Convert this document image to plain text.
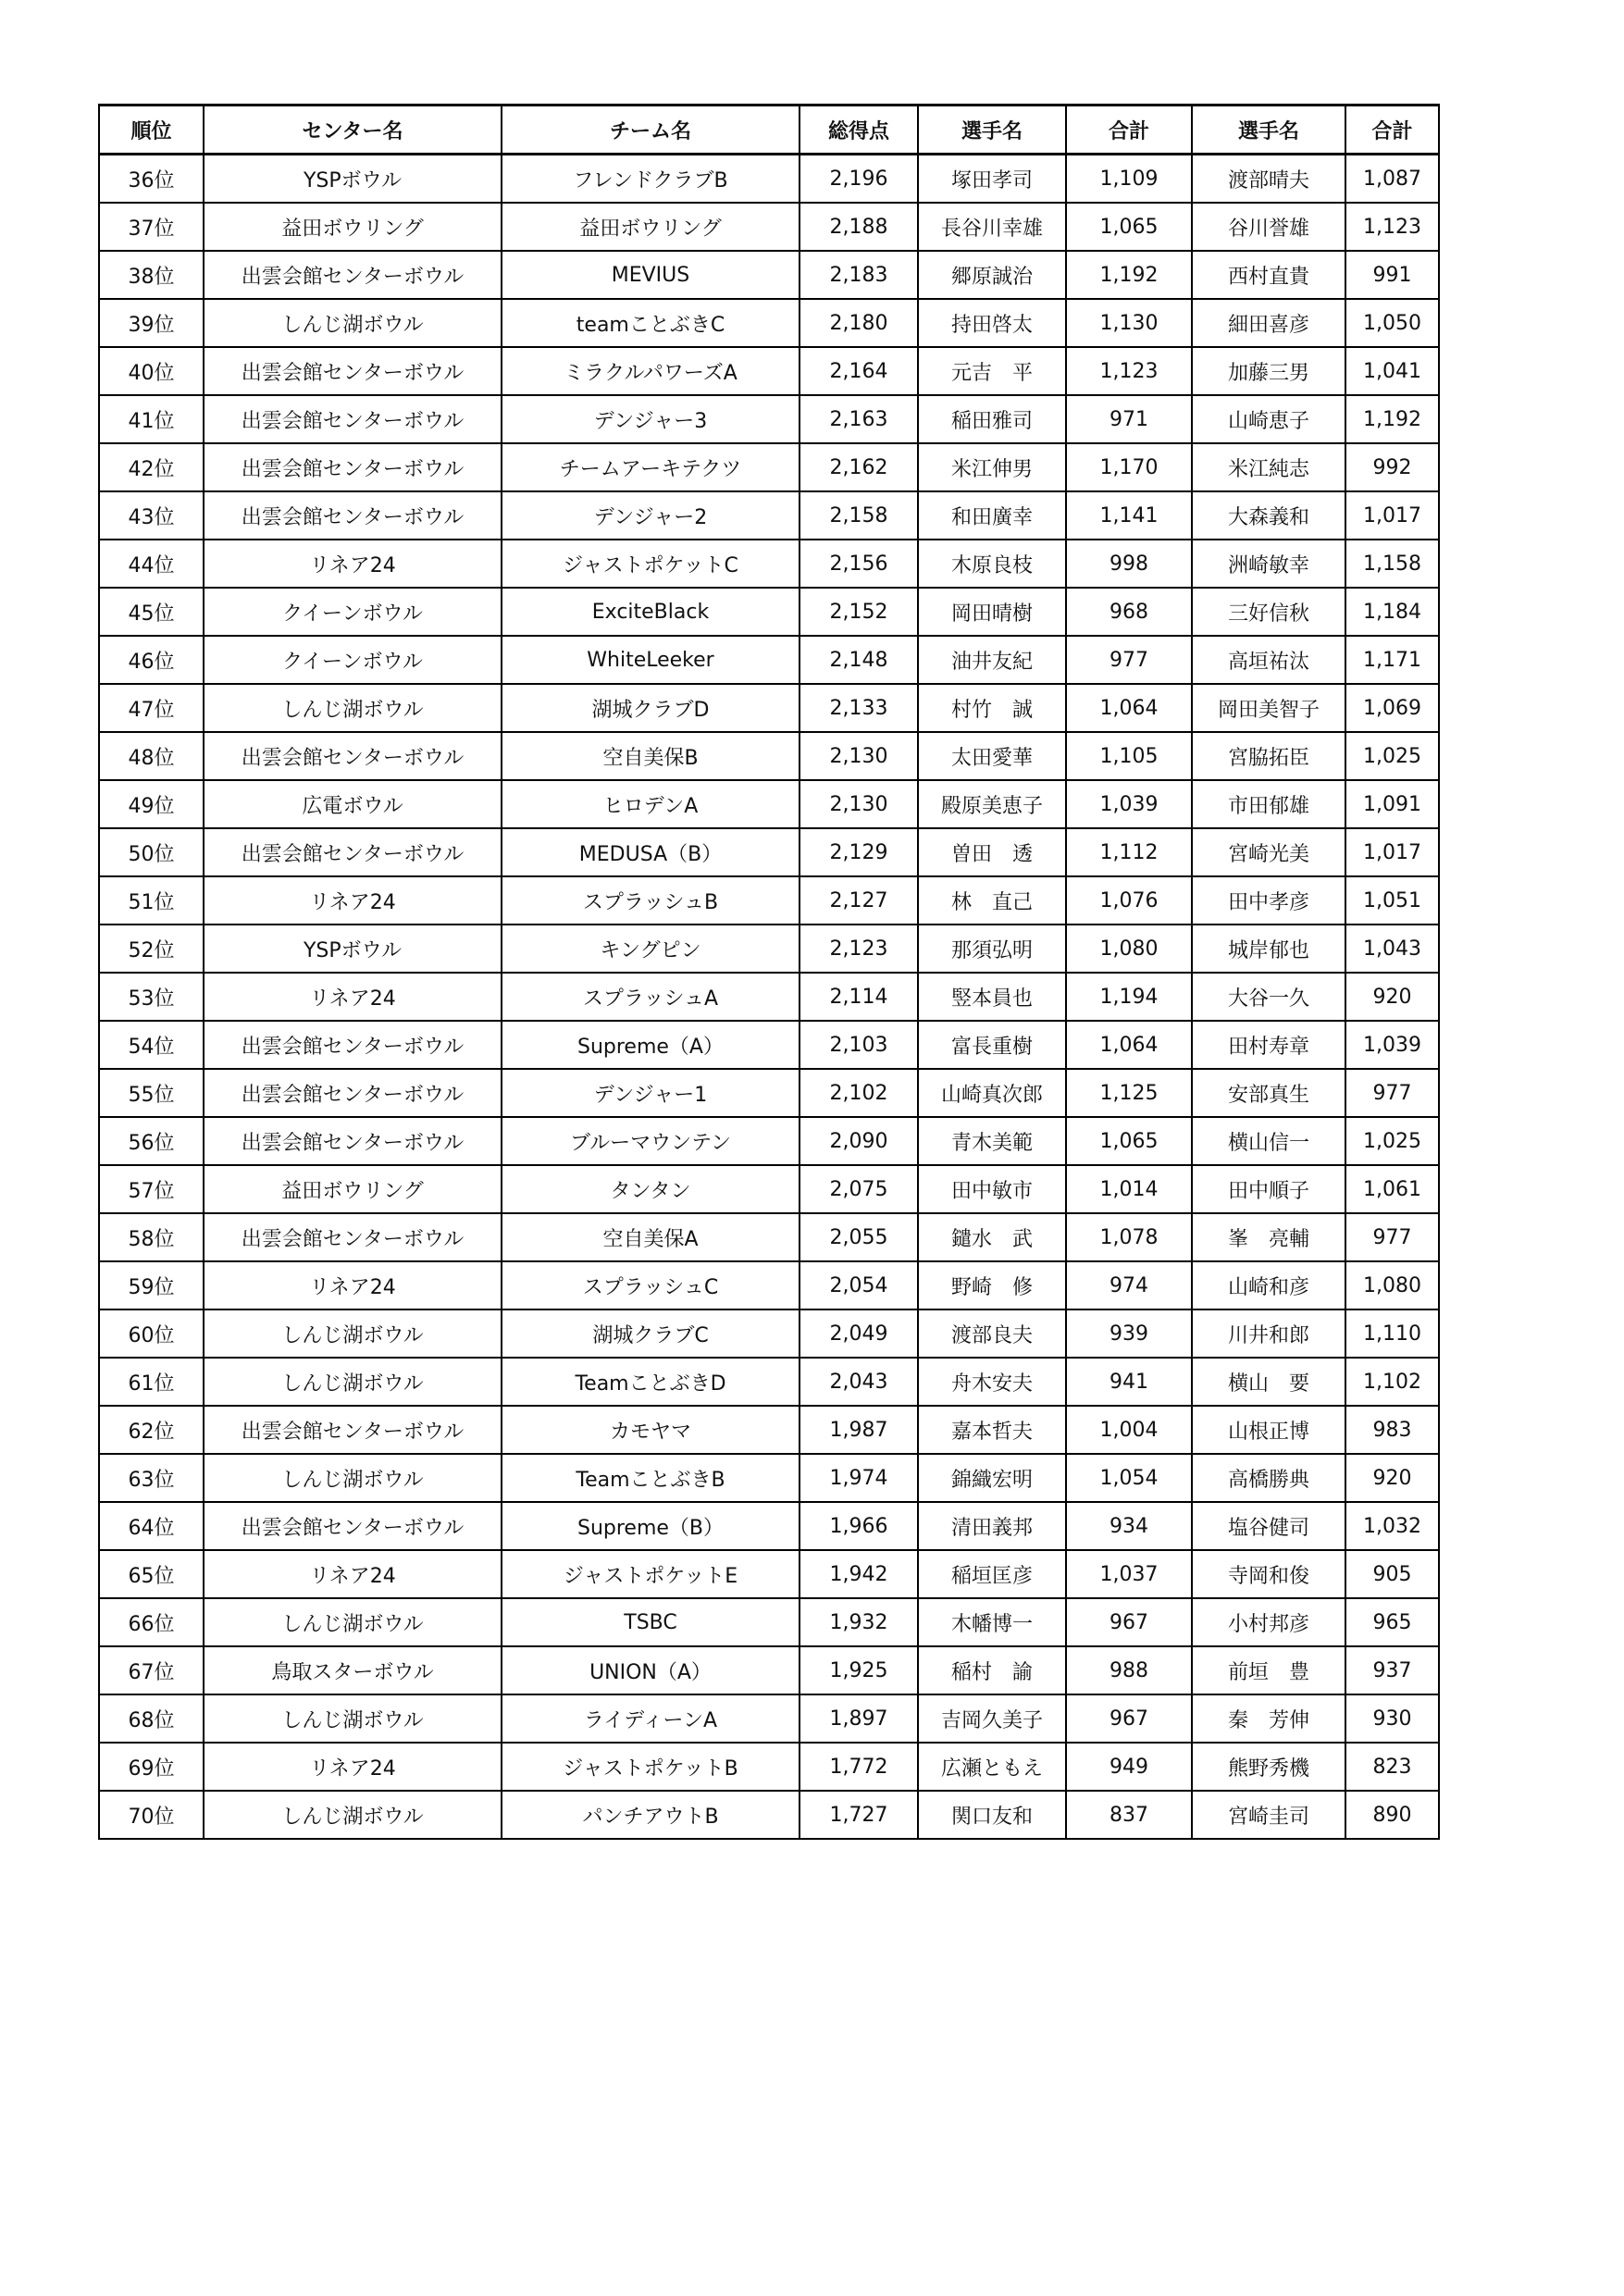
順位	センター名	チーム名	総得点	選手名	合計	選手名	合計
36位	YSPボウル	フレンドクラブB	2,196	塚田孝司	1,109	渡部晴夫	1,087
37位	益田ボウリング	益田ボウリング	2,188	長谷川幸雄	1,065	谷川誉雄	1,123
38位	出雲会館センターボウル	MEVIUS	2,183	郷原誠治	1,192	西村直貴	991
39位	しんじ湖ボウル	teamことぶきC	2,180	持田啓太	1,130	細田喜彦	1,050
40位	出雲会館センターボウル	ミラクルパワーズA	2,164	元吉　平	1,123	加藤三男	1,041
41位	出雲会館センターボウル	デンジャー3	2,163	稲田雅司	971	山崎恵子	1,192
42位	出雲会館センターボウル	チームアーキテクツ	2,162	米江伸男	1,170	米江純志	992
43位	出雲会館センターボウル	デンジャー2	2,158	和田廣幸	1,141	大森義和	1,017
44位	リネア24	ジャストポケットC	2,156	木原良枝	998	洲崎敏幸	1,158
45位	クイーンボウル	ExciteBlack	2,152	岡田晴樹	968	三好信秋	1,184
46位	クイーンボウル	WhiteLeeker	2,148	油井友紀	977	高垣祐汰	1,171
47位	しんじ湖ボウル	湖城クラブD	2,133	村竹　誠	1,064	岡田美智子	1,069
48位	出雲会館センターボウル	空自美保B	2,130	太田愛華	1,105	宮脇拓臣	1,025
49位	広電ボウル	ヒロデンA	2,130	殿原美恵子	1,039	市田郁雄	1,091
50位	出雲会館センターボウル	MEDUSA（B）	2,129	曽田　透	1,112	宮崎光美	1,017
51位	リネア24	スプラッシュB	2,127	林　直己	1,076	田中孝彦	1,051
52位	YSPボウル	キングピン	2,123	那須弘明	1,080	城岸郁也	1,043
53位	リネア24	スプラッシュA	2,114	竪本員也	1,194	大谷一久	920
54位	出雲会館センターボウル	Supreme（A）	2,103	富長重樹	1,064	田村寿章	1,039
55位	出雲会館センターボウル	デンジャー1	2,102	山崎真次郎	1,125	安部真生	977
56位	出雲会館センターボウル	ブルーマウンテン	2,090	青木美範	1,065	横山信一	1,025
57位	益田ボウリング	タンタン	2,075	田中敏市	1,014	田中順子	1,061
58位	出雲会館センターボウル	空自美保A	2,055	鑓水　武	1,078	峯　亮輔	977
59位	リネア24	スプラッシュC	2,054	野崎　修	974	山崎和彦	1,080
60位	しんじ湖ボウル	湖城クラブC	2,049	渡部良夫	939	川井和郎	1,110
61位	しんじ湖ボウル	TeamことぶきD	2,043	舟木安夫	941	横山　要	1,102
62位	出雲会館センターボウル	カモヤマ	1,987	嘉本哲夫	1,004	山根正博	983
63位	しんじ湖ボウル	TeamことぶきB	1,974	錦織宏明	1,054	高橋勝典	920
64位	出雲会館センターボウル	Supreme（B）	1,966	清田義邦	934	塩谷健司	1,032
65位	リネア24	ジャストポケットE	1,942	稲垣匡彦	1,037	寺岡和俊	905
66位	しんじ湖ボウル	TSBC	1,932	木幡博一	967	小村邦彦	965
67位	鳥取スターボウル	UNION（A）	1,925	稲村　諭	988	前垣　豊	937
68位	しんじ湖ボウル	ライディーンA	1,897	吉岡久美子	967	秦　芳伸	930
69位	リネア24	ジャストポケットB	1,772	広瀬ともえ	949	熊野秀機	823
70位	しんじ湖ボウル	パンチアウトB	1,727	関口友和	837	宮崎圭司	890
